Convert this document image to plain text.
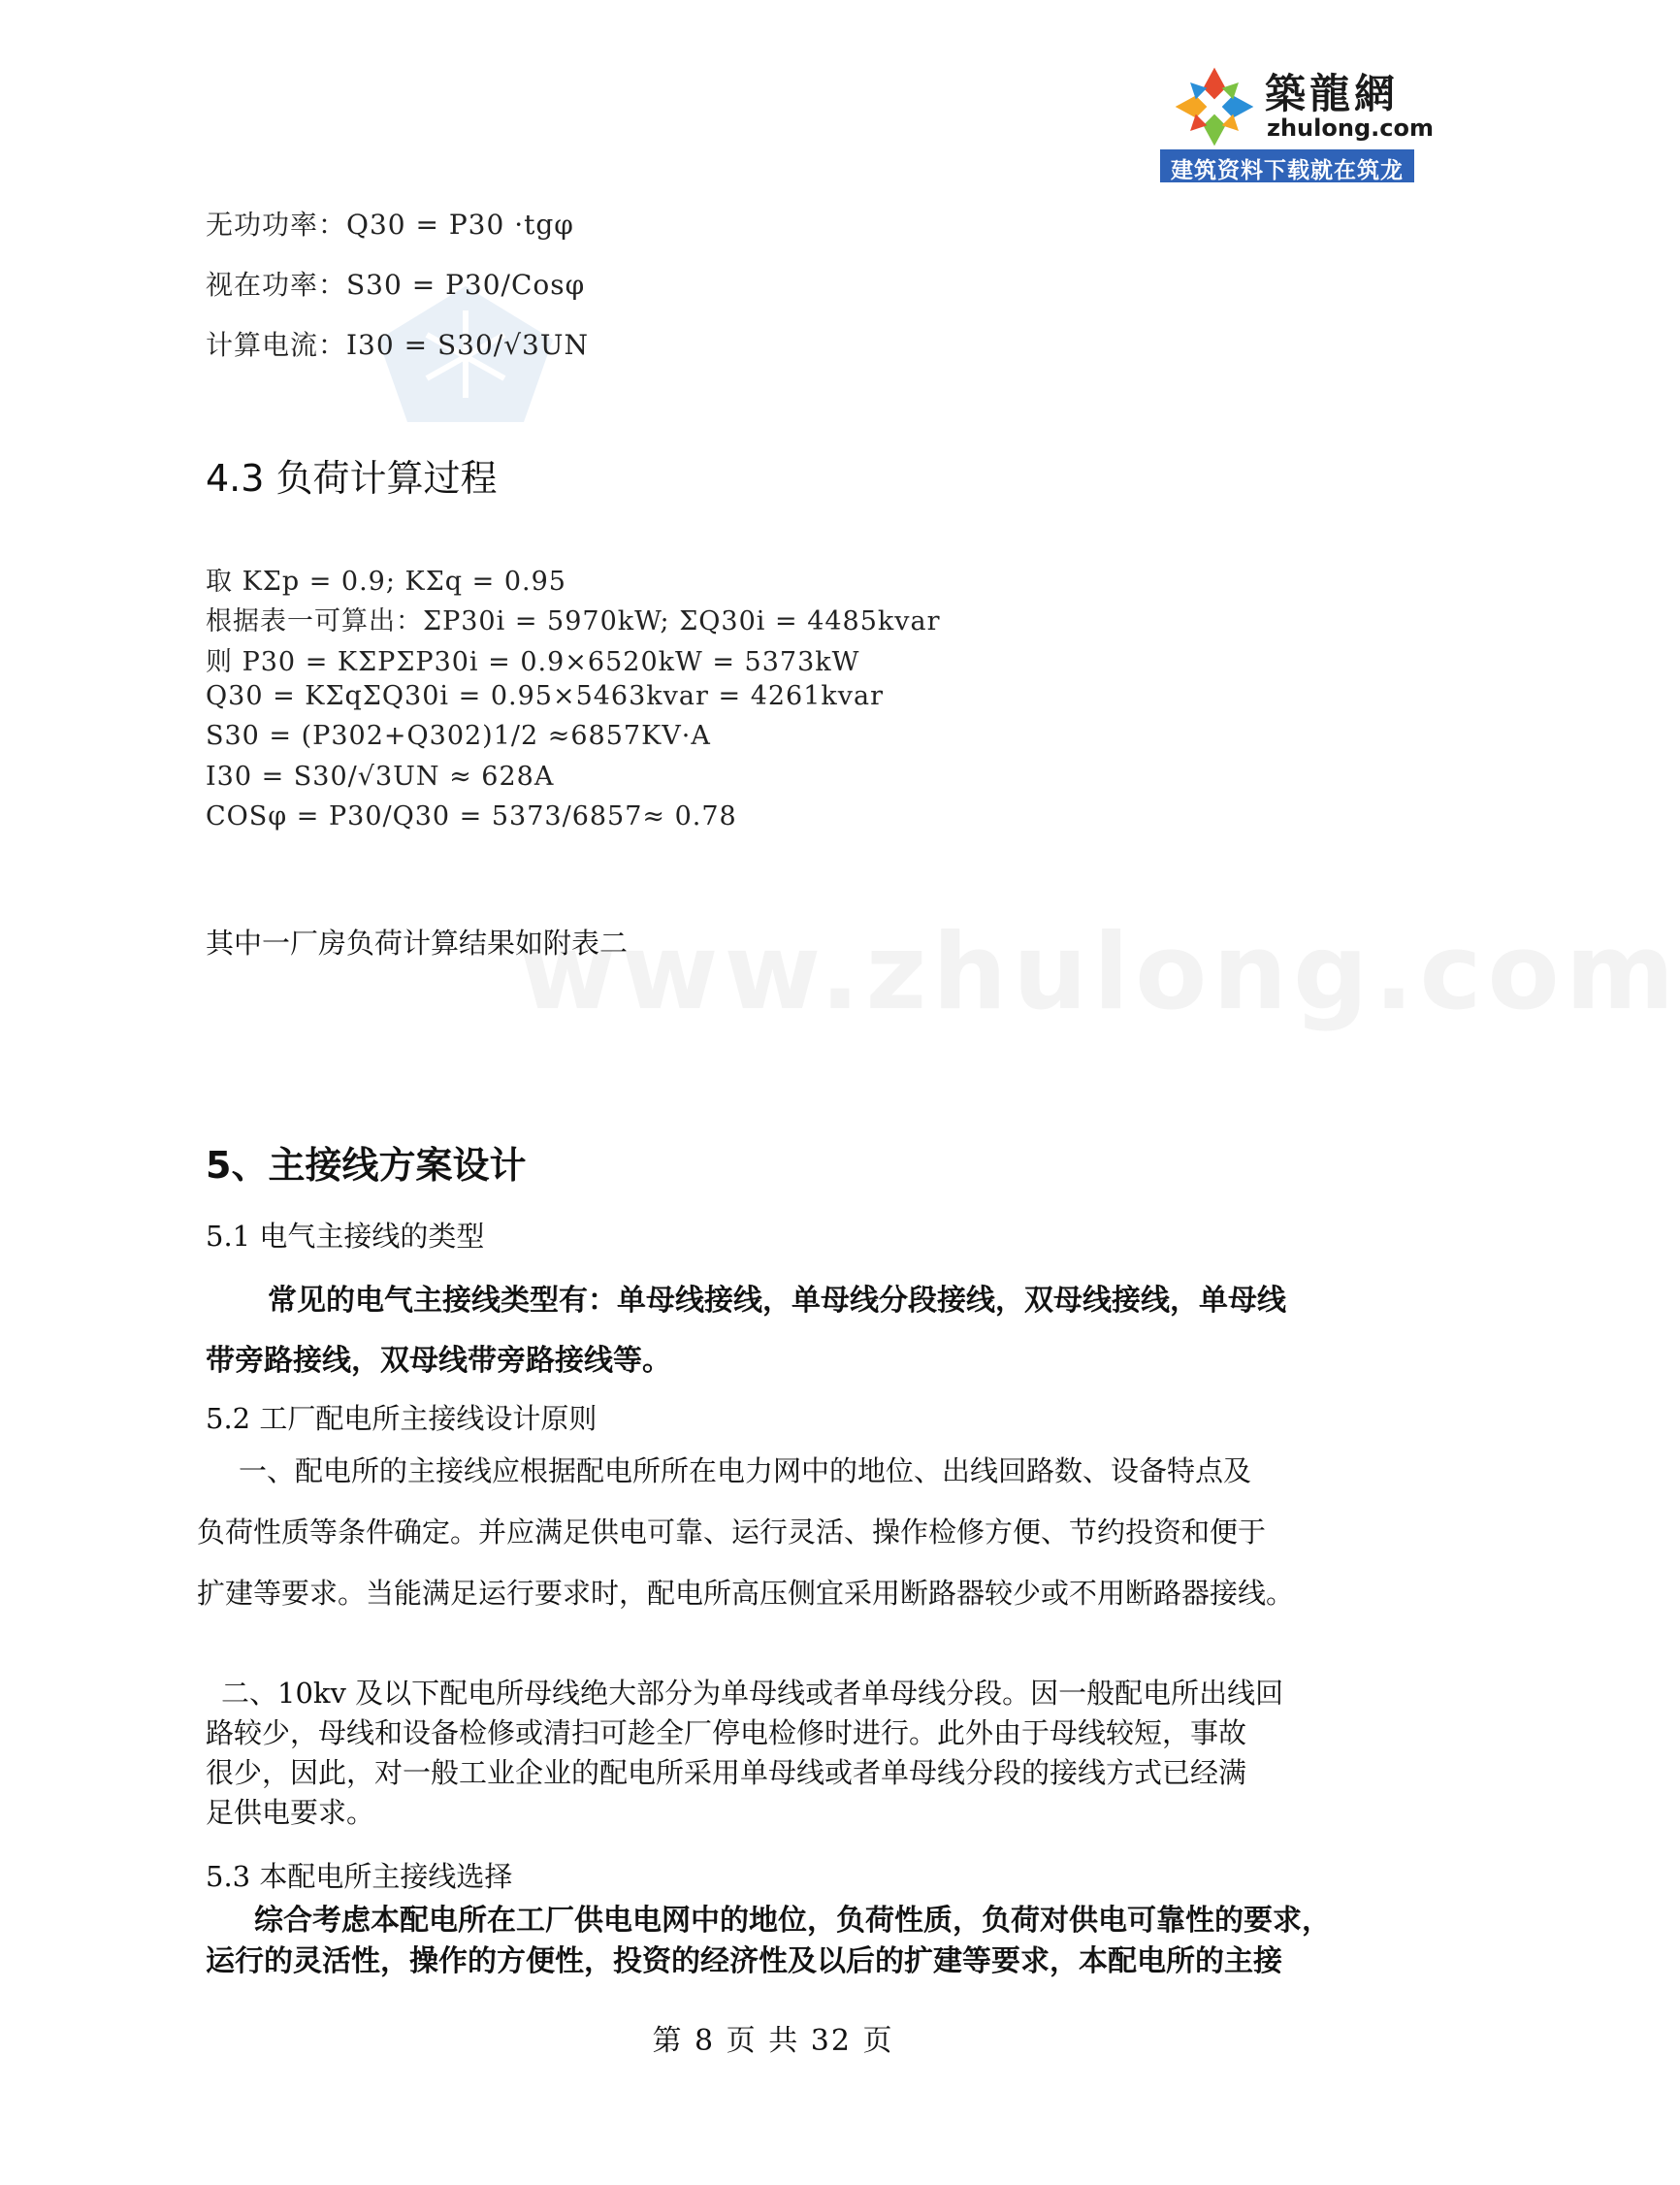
築龍網
zhulong.com
建筑资料下载就在筑龙网
www.zhulong.com
无功功率：Q30 = P30 ·tgφ
视在功率：S30 = P30/Cosφ
计算电流：I30 = S30/√3UN
4.3 负荷计算过程
取 KΣp = 0.9; KΣq = 0.95
根据表一可算出：ΣP30i = 5970kW; ΣQ30i = 4485kvar
则 P30 = KΣPΣP30i = 0.9×6520kW = 5373kW
Q30 = KΣqΣQ30i = 0.95×5463kvar = 4261kvar
S30 = (P302+Q302)1/2 ≈6857KV·A
I30 = S30/√3UN ≈ 628A
COSφ = P30/Q30 = 5373/6857≈ 0.78
其中一厂房负荷计算结果如附表二
5、主接线方案设计
5.1 电气主接线的类型
常见的电气主接线类型有：单母线接线，单母线分段接线，双母线接线，单母线
带旁路接线，双母线带旁路接线等。
5.2 工厂配电所主接线设计原则
一、配电所的主接线应根据配电所所在电力网中的地位、出线回路数、设备特点及
负荷性质等条件确定。并应满足供电可靠、运行灵活、操作检修方便、节约投资和便于
扩建等要求。当能满足运行要求时，配电所高压侧宜采用断路器较少或不用断路器接线。
二、10kv 及以下配电所母线绝大部分为单母线或者单母线分段。因一般配电所出线回
路较少，母线和设备检修或清扫可趁全厂停电检修时进行。此外由于母线较短，事故
很少，因此，对一般工业企业的配电所采用单母线或者单母线分段的接线方式已经满
足供电要求。
5.3 本配电所主接线选择
综合考虑本配电所在工厂供电电网中的地位，负荷性质，负荷对供电可靠性的要求，
运行的灵活性，操作的方便性，投资的经济性及以后的扩建等要求，本配电所的主接
第 8 页 共 32 页
